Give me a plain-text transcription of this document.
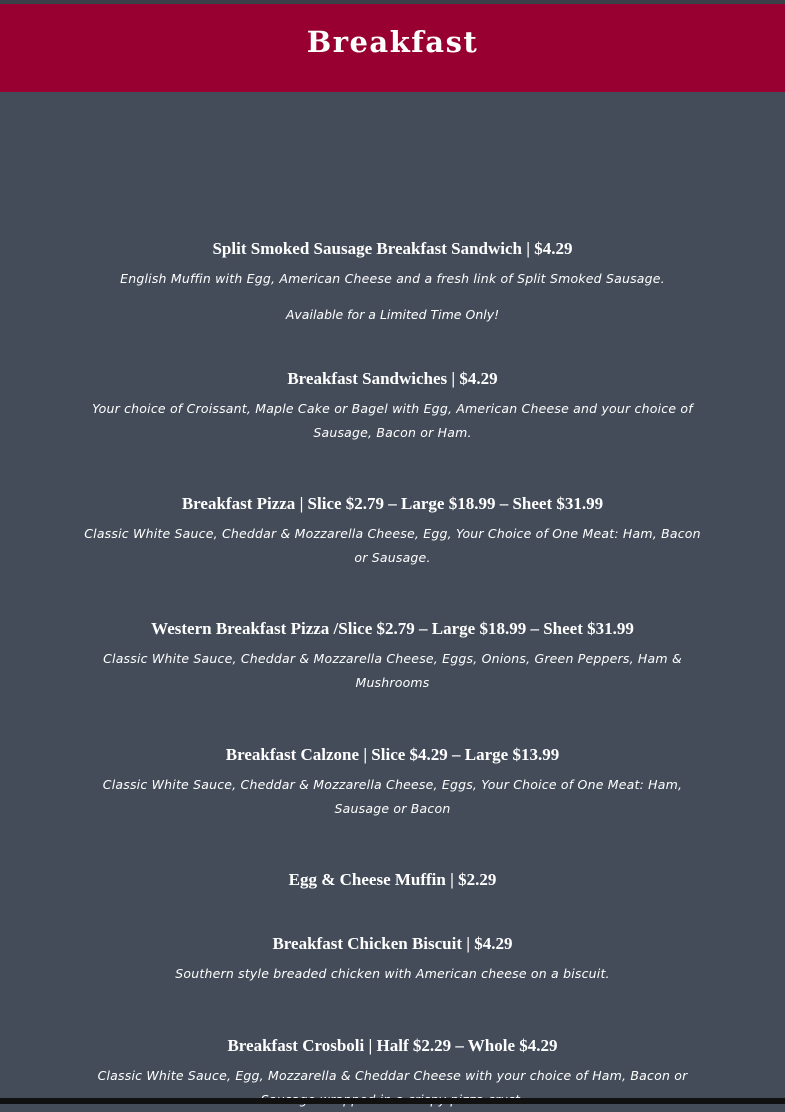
Breakfast

Split Smoked Sausage Breakfast Sandwich | $4.29

English Muffin with Egg, American Cheese and a fresh link of Split Smoked Sausage.

Available for a Limited Time Only!

Breakfast Sandwiches | $4.29

Your choice of Croissant, Maple Cake or Bagel with Egg, American Cheese and your choice of Sausage, Bacon or Ham.

Breakfast Pizza | Slice $2.79 – Large $18.99 – Sheet $31.99

Classic White Sauce, Cheddar & Mozzarella Cheese, Egg, Your Choice of One Meat: Ham, Bacon or Sausage.

Western Breakfast Pizza /Slice $2.79 – Large $18.99 – Sheet $31.99

Classic White Sauce, Cheddar & Mozzarella Cheese, Eggs, Onions, Green Peppers, Ham & Mushrooms

Breakfast Calzone | Slice $4.29 – Large $13.99

Classic White Sauce, Cheddar & Mozzarella Cheese, Eggs, Your Choice of One Meat: Ham, Sausage or Bacon

Egg & Cheese Muffin | $2.29

Breakfast Chicken Biscuit | $4.29

Southern style breaded chicken with American cheese on a biscuit.

Breakfast Crosboli | Half $2.29 – Whole $4.29

Classic White Sauce, Egg, Mozzarella & Cheddar Cheese with your choice of Ham, Bacon or
